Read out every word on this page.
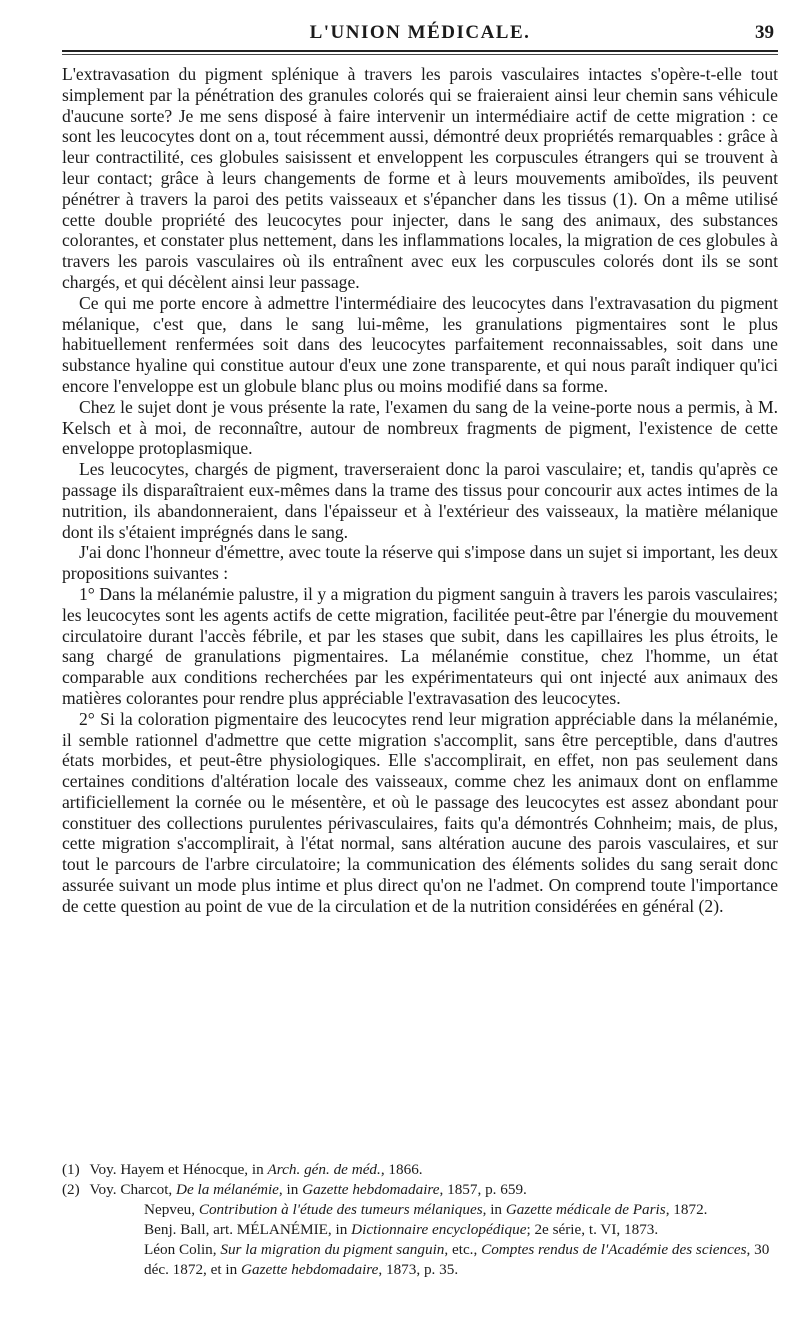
L'UNION MÉDICALE.	39

L'extravasation du pigment splénique à travers les parois vasculaires intactes s'opère-t-elle tout simplement par la pénétration des granules colorés qui se fraieraient ainsi leur chemin sans véhicule d'aucune sorte? Je me sens disposé à faire intervenir un intermédiaire actif de cette migration : ce sont les leucocytes dont on a, tout récemment aussi, démontré deux propriétés remarquables : grâce à leur contractilité, ces globules saisissent et enveloppent les corpuscules étrangers qui se trouvent à leur contact; grâce à leurs changements de forme et à leurs mouvements amiboïdes, ils peuvent pénétrer à travers la paroi des petits vaisseaux et s'épancher dans les tissus (1). On a même utilisé cette double propriété des leucocytes pour injecter, dans le sang des animaux, des substances colorantes, et constater plus nettement, dans les inflammations locales, la migration de ces globules à travers les parois vasculaires où ils entraînent avec eux les corpuscules colorés dont ils se sont chargés, et qui décèlent ainsi leur passage.

Ce qui me porte encore à admettre l'intermédiaire des leucocytes dans l'extravasation du pigment mélanique, c'est que, dans le sang lui-même, les granulations pigmentaires sont le plus habituellement renfermées soit dans des leucocytes parfaitement reconnaissables, soit dans une substance hyaline qui constitue autour d'eux une zone transparente, et qui nous paraît indiquer qu'ici encore l'enveloppe est un globule blanc plus ou moins modifié dans sa forme.

Chez le sujet dont je vous présente la rate, l'examen du sang de la veine-porte nous a permis, à M. Kelsch et à moi, de reconnaître, autour de nombreux fragments de pigment, l'existence de cette enveloppe protoplasmique.

Les leucocytes, chargés de pigment, traverseraient donc la paroi vasculaire; et, tandis qu'après ce passage ils disparaîtraient eux-mêmes dans la trame des tissus pour concourir aux actes intimes de la nutrition, ils abandonneraient, dans l'épaisseur et à l'extérieur des vaisseaux, la matière mélanique dont ils s'étaient imprégnés dans le sang.

J'ai donc l'honneur d'émettre, avec toute la réserve qui s'impose dans un sujet si important, les deux propositions suivantes :

1° Dans la mélanémie palustre, il y a migration du pigment sanguin à travers les parois vasculaires; les leucocytes sont les agents actifs de cette migration, facilitée peut-être par l'énergie du mouvement circulatoire durant l'accès fébrile, et par les stases que subit, dans les capillaires les plus étroits, le sang chargé de granulations pigmentaires. La mélanémie constitue, chez l'homme, un état comparable aux conditions recherchées par les expérimentateurs qui ont injecté aux animaux des matières colorantes pour rendre plus appréciable l'extravasation des leucocytes.

2° Si la coloration pigmentaire des leucocytes rend leur migration appréciable dans la mélanémie, il semble rationnel d'admettre que cette migration s'accomplit, sans être perceptible, dans d'autres états morbides, et peut-être physiologiques. Elle s'accomplirait, en effet, non pas seulement dans certaines conditions d'altération locale des vaisseaux, comme chez les animaux dont on enflamme artificiellement la cornée ou le mésentère, et où le passage des leucocytes est assez abondant pour constituer des collections purulentes périvasculaires, faits qu'a démontrés Cohnheim; mais, de plus, cette migration s'accomplirait, à l'état normal, sans altération aucune des parois vasculaires, et sur tout le parcours de l'arbre circulatoire; la communication des éléments solides du sang serait donc assurée suivant un mode plus intime et plus direct qu'on ne l'admet. On comprend toute l'importance de cette question au point de vue de la circulation et de la nutrition considérées en général (2).

(1) Voy. Hayem et Hénocque, in Arch. gén. de méd., 1866.

(2) Voy. Charcot, De la mélanémie, in Gazette hebdomadaire, 1857, p. 659.

Nepveu, Contribution à l'étude des tumeurs mélaniques, in Gazette médicale de Paris, 1872.

Benj. Ball, art. MÉLANÉMIE, in Dictionnaire encyclopédique; 2e série, t. VI, 1873.

Léon Colin, Sur la migration du pigment sanguin, etc., Comptes rendus de l'Académie des sciences, 30 déc. 1872, et in Gazette hebdomadaire, 1873, p. 35.
